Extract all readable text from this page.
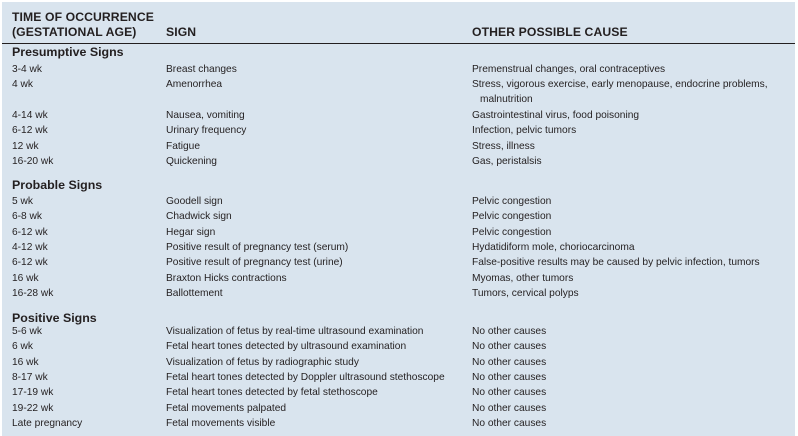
TIME OF OCCURRENCE
(GESTATIONAL AGE)	SIGN	OTHER POSSIBLE CAUSE
Presumptive Signs
3-4 wk	Breast changes	Premenstrual changes, oral contraceptives
4 wk	Amenorrhea	Stress, vigorous exercise, early menopause, endocrine problems,
malnutrition
4-14 wk	Nausea, vomiting	Gastrointestinal virus, food poisoning
6-12 wk	Urinary frequency	Infection, pelvic tumors
12 wk	Fatigue	Stress, illness
16-20 wk	Quickening	Gas, peristalsis
Probable Signs
5 wk	Goodell sign	Pelvic congestion
6-8 wk	Chadwick sign	Pelvic congestion
6-12 wk	Hegar sign	Pelvic congestion
4-12 wk	Positive result of pregnancy test (serum)	Hydatidiform mole, choriocarcinoma
6-12 wk	Positive result of pregnancy test (urine)	False-positive results may be caused by pelvic infection, tumors
16 wk	Braxton Hicks contractions	Myomas, other tumors
16-28 wk	Ballottement	Tumors, cervical polyps
Positive Signs
5-6 wk	Visualization of fetus by real-time ultrasound examination	No other causes
6 wk	Fetal heart tones detected by ultrasound examination	No other causes
16 wk	Visualization of fetus by radiographic study	No other causes
8-17 wk	Fetal heart tones detected by Doppler ultrasound stethoscope	No other causes
17-19 wk	Fetal heart tones detected by fetal stethoscope	No other causes
19-22 wk	Fetal movements palpated	No other causes
Late pregnancy	Fetal movements visible	No other causes
